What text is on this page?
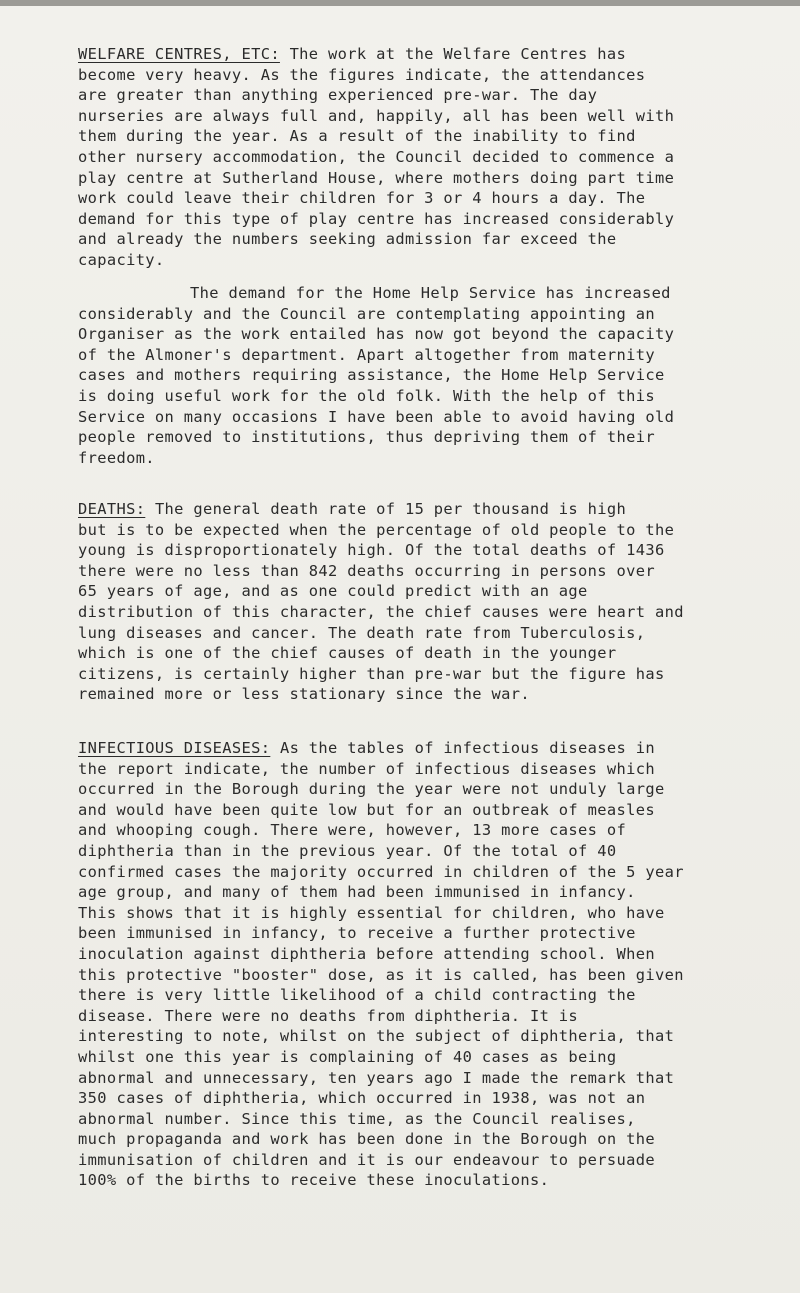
WELFARE CENTRES, ETC: The work at the Welfare Centres has
become very heavy. As the figures indicate, the attendances
are greater than anything experienced pre-war. The day
nurseries are always full and, happily, all has been well with
them during the year. As a result of the inability to find
other nursery accommodation, the Council decided to commence a
play centre at Sutherland House, where mothers doing part time
work could leave their children for 3 or 4 hours a day. The
demand for this type of play centre has increased considerably
and already the numbers seeking admission far exceed the
capacity.
The demand for the Home Help Service has increased
considerably and the Council are contemplating appointing an
Organiser as the work entailed has now got beyond the capacity
of the Almoner's department. Apart altogether from maternity
cases and mothers requiring assistance, the Home Help Service
is doing useful work for the old folk. With the help of this
Service on many occasions I have been able to avoid having old
people removed to institutions, thus depriving them of their
freedom.
DEATHS: The general death rate of 15 per thousand is high
but is to be expected when the percentage of old people to the
young is disproportionately high. Of the total deaths of 1436
there were no less than 842 deaths occurring in persons over
65 years of age, and as one could predict with an age
distribution of this character, the chief causes were heart and
lung diseases and cancer. The death rate from Tuberculosis,
which is one of the chief causes of death in the younger
citizens, is certainly higher than pre-war but the figure has
remained more or less stationary since the war.
INFECTIOUS DISEASES: As the tables of infectious diseases in
the report indicate, the number of infectious diseases which
occurred in the Borough during the year were not unduly large
and would have been quite low but for an outbreak of measles
and whooping cough. There were, however, 13 more cases of
diphtheria than in the previous year. Of the total of 40
confirmed cases the majority occurred in children of the 5 year
age group, and many of them had been immunised in infancy.
This shows that it is highly essential for children, who have
been immunised in infancy, to receive a further protective
inoculation against diphtheria before attending school. When
this protective "booster" dose, as it is called, has been given
there is very little likelihood of a child contracting the
disease. There were no deaths from diphtheria. It is
interesting to note, whilst on the subject of diphtheria, that
whilst one this year is complaining of 40 cases as being
abnormal and unnecessary, ten years ago I made the remark that
350 cases of diphtheria, which occurred in 1938, was not an
abnormal number. Since this time, as the Council realises,
much propaganda and work has been done in the Borough on the
immunisation of children and it is our endeavour to persuade
100% of the births to receive these inoculations.
